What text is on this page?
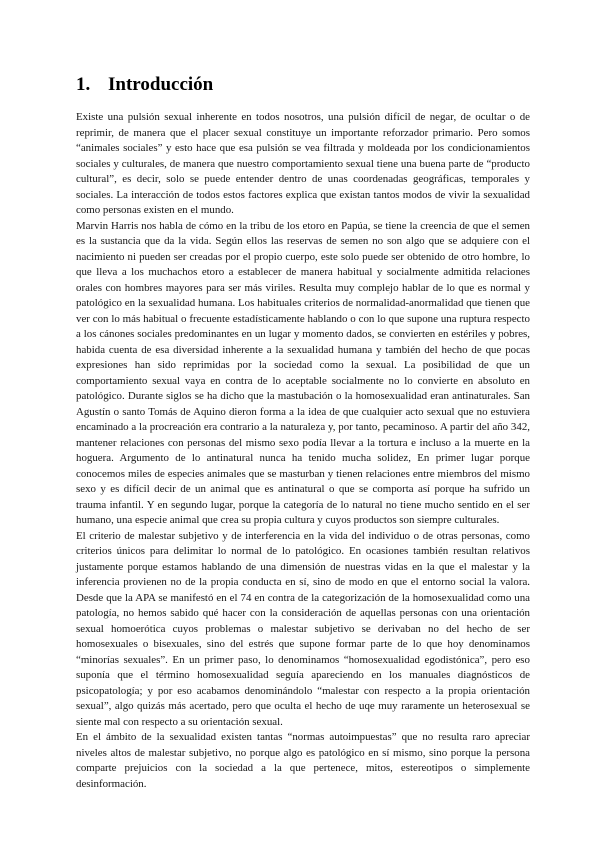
1. Introducción

Existe una pulsión sexual inherente en todos nosotros, una pulsión difícil de negar, de ocultar o de reprimir, de manera que el placer sexual constituye un importante reforzador primario. Pero somos “animales sociales” y esto hace que esa pulsión se vea filtrada y moldeada por los condicionamientos sociales y culturales, de manera que nuestro comportamiento sexual tiene una buena parte de “producto cultural”, es decir, solo se puede entender dentro de unas coordenadas geográficas, temporales y sociales. La interacción de todos estos factores explica que existan tantos modos de vivir la sexualidad como personas existen en el mundo.

Marvin Harris nos habla de cómo en la tribu de los etoro en Papúa, se tiene la creencia de que el semen es la sustancia que da la vida. Según ellos las reservas de semen no son algo que se adquiere con el nacimiento ni pueden ser creadas por el propio cuerpo, este solo puede ser obtenido de otro hombre, lo que lleva a los muchachos etoro a establecer de manera habitual y socialmente admitida relaciones orales con hombres mayores para ser más viriles. Resulta muy complejo hablar de lo que es normal y patológico en la sexualidad humana. Los habituales criterios de normalidad-anormalidad que tienen que ver con lo más habitual o frecuente estadísticamente hablando o con lo que supone una ruptura respecto a los cánones sociales predominantes en un lugar y momento dados, se convierten en estériles y pobres, habida cuenta de esa diversidad inherente a la sexualidad humana y también del hecho de que pocas expresiones han sido reprimidas por la sociedad como la sexual. La posibilidad de que un comportamiento sexual vaya en contra de lo aceptable socialmente no lo convierte en absoluto en patológico. Durante siglos se ha dicho que la mastubación o la homosexualidad eran antinaturales. San Agustín o santo Tomás de Aquino dieron forma a la idea de que cualquier acto sexual que no estuviera encaminado a la procreación era contrario a la naturaleza y, por tanto, pecaminoso. A partir del año 342, mantener relaciones con personas del mismo sexo podía llevar a la tortura e incluso a la muerte en la hoguera. Argumento de lo antinatural nunca ha tenido mucha solidez, En primer lugar porque conocemos miles de especies animales que se masturban y tienen relaciones entre miembros del mismo sexo y es difícil decir de un animal que es antinatural o que se comporta así porque ha sufrido un trauma infantil. Y en segundo lugar, porque la categoría de lo natural no tiene mucho sentido en el ser humano, una especie animal que crea su propia cultura y cuyos productos son siempre culturales.

El criterio de malestar subjetivo y de interferencia en la vida del individuo o de otras personas, como criterios únicos para delimitar lo normal de lo patológico. En ocasiones también resultan relativos justamente porque estamos hablando de una dimensión de nuestras vidas en la que el malestar y la inferencia provienen no de la propia conducta en sí, sino de modo en que el entorno social la valora. Desde que la APA se manifestó en el 74 en contra de la categorización de la homosexualidad como una patología, no hemos sabido qué hacer con la consideración de aquellas personas con una orientación sexual homoerótica cuyos problemas o malestar subjetivo se derivaban no del hecho de ser homosexuales o bisexuales, sino del estrés que supone formar parte de lo que hoy denominamos “minorías sexuales”. En un primer paso, lo denominamos “homosexualidad egodistónica”, pero eso suponía que el término homosexualidad seguía apareciendo en los manuales diagnósticos de psicopatología; y por eso acabamos denominándolo “malestar con respecto a la propia orientación sexual”, algo quizás más acertado, pero que oculta el hecho de uqe muy raramente un heterosexual se siente mal con respecto a su orientación sexual.

En el ámbito de la sexualidad existen tantas “normas autoimpuestas” que no resulta raro apreciar niveles altos de malestar subjetivo, no porque algo es patológico en sí mismo, sino porque la persona comparte prejuicios con la sociedad a la que pertenece, mitos, estereotipos o simplemente desinformación.
